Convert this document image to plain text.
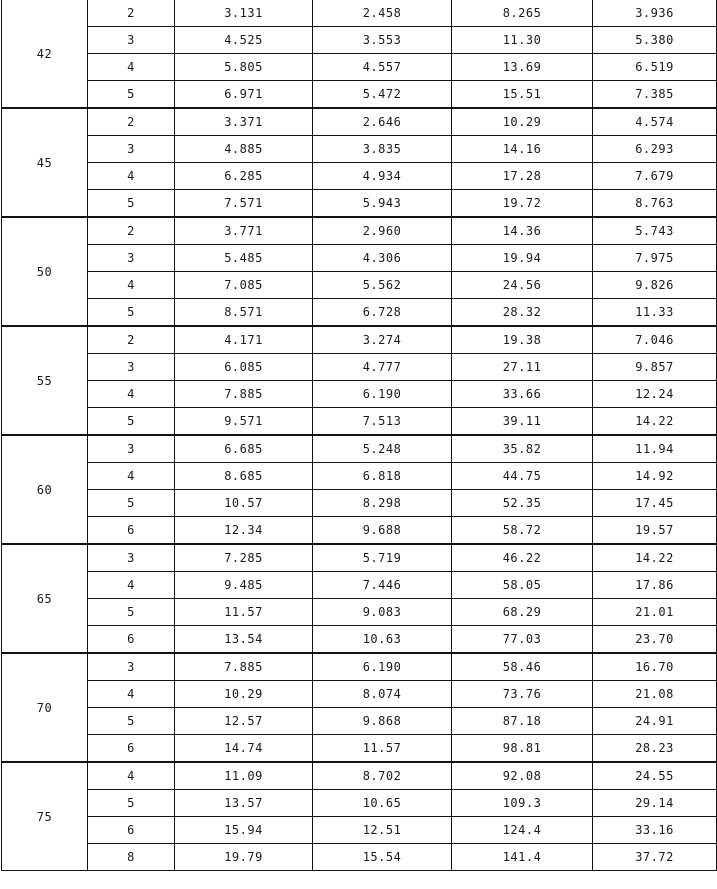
42	2	3.131	2.458	8.265	3.936
	3	4.525	3.553	11.30	5.380
	4	5.805	4.557	13.69	6.519
	5	6.971	5.472	15.51	7.385
45	2	3.371	2.646	10.29	4.574
	3	4.885	3.835	14.16	6.293
	4	6.285	4.934	17.28	7.679
	5	7.571	5.943	19.72	8.763
50	2	3.771	2.960	14.36	5.743
	3	5.485	4.306	19.94	7.975
	4	7.085	5.562	24.56	9.826
	5	8.571	6.728	28.32	11.33
55	2	4.171	3.274	19.38	7.046
	3	6.085	4.777	27.11	9.857
	4	7.885	6.190	33.66	12.24
	5	9.571	7.513	39.11	14.22
60	3	6.685	5.248	35.82	11.94
	4	8.685	6.818	44.75	14.92
	5	10.57	8.298	52.35	17.45
	6	12.34	9.688	58.72	19.57
65	3	7.285	5.719	46.22	14.22
	4	9.485	7.446	58.05	17.86
	5	11.57	9.083	68.29	21.01
	6	13.54	10.63	77.03	23.70
70	3	7.885	6.190	58.46	16.70
	4	10.29	8.074	73.76	21.08
	5	12.57	9.868	87.18	24.91
	6	14.74	11.57	98.81	28.23
75	4	11.09	8.702	92.08	24.55
	5	13.57	10.65	109.3	29.14
	6	15.94	12.51	124.4	33.16
	8	19.79	15.54	141.4	37.72
